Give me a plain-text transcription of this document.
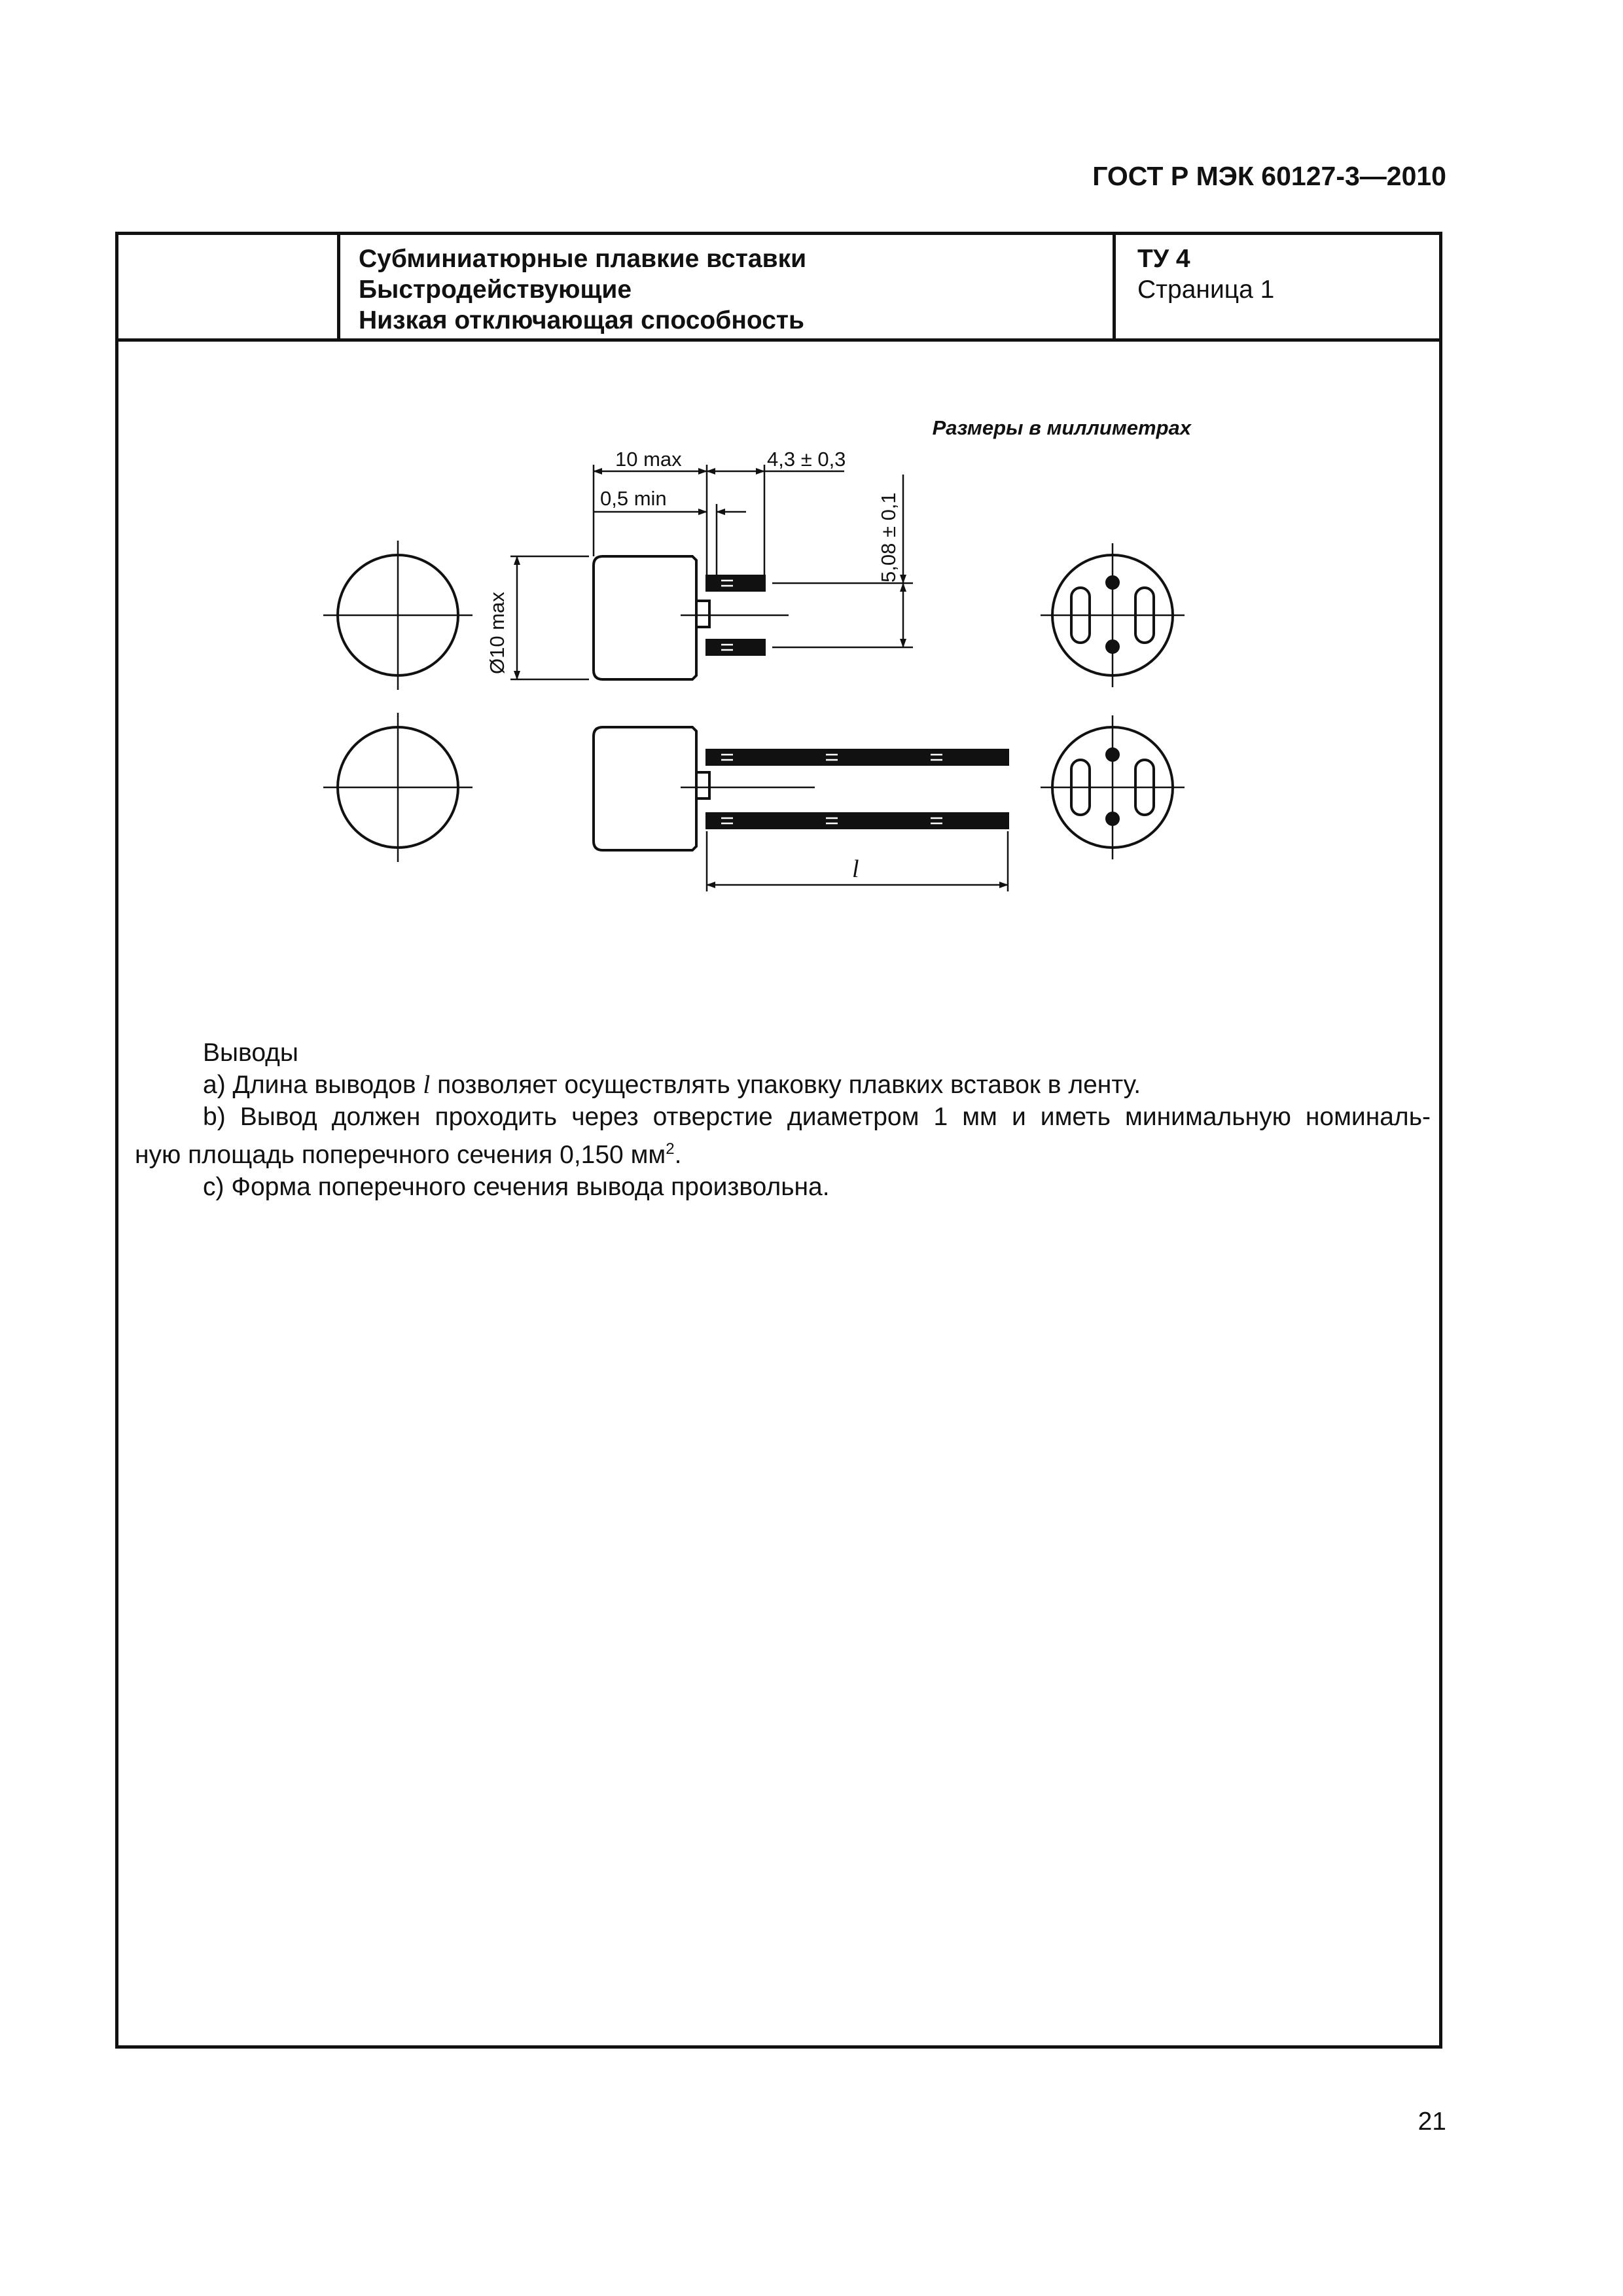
ГОСТ Р МЭК 60127-3—2010
Субминиатюрные плавкие вставки
Быстродействующие
Низкая отключающая способность
ТУ 4
Страница 1
Размеры в миллиметрах
10 max	4,3 ± 0,3
0,5 min
Ø10 max
5,08 ± 0,1
l

Выводы

a) Длина выводов l позволяет осуществлять упаковку плавких вставок в ленту.

b) Вывод должен проходить через отверстие диаметром 1 мм и иметь минимальную номиналь-

ную площадь поперечного сечения 0,150 $мм^2$.

c) Форма поперечного сечения вывода произвольна.

21
